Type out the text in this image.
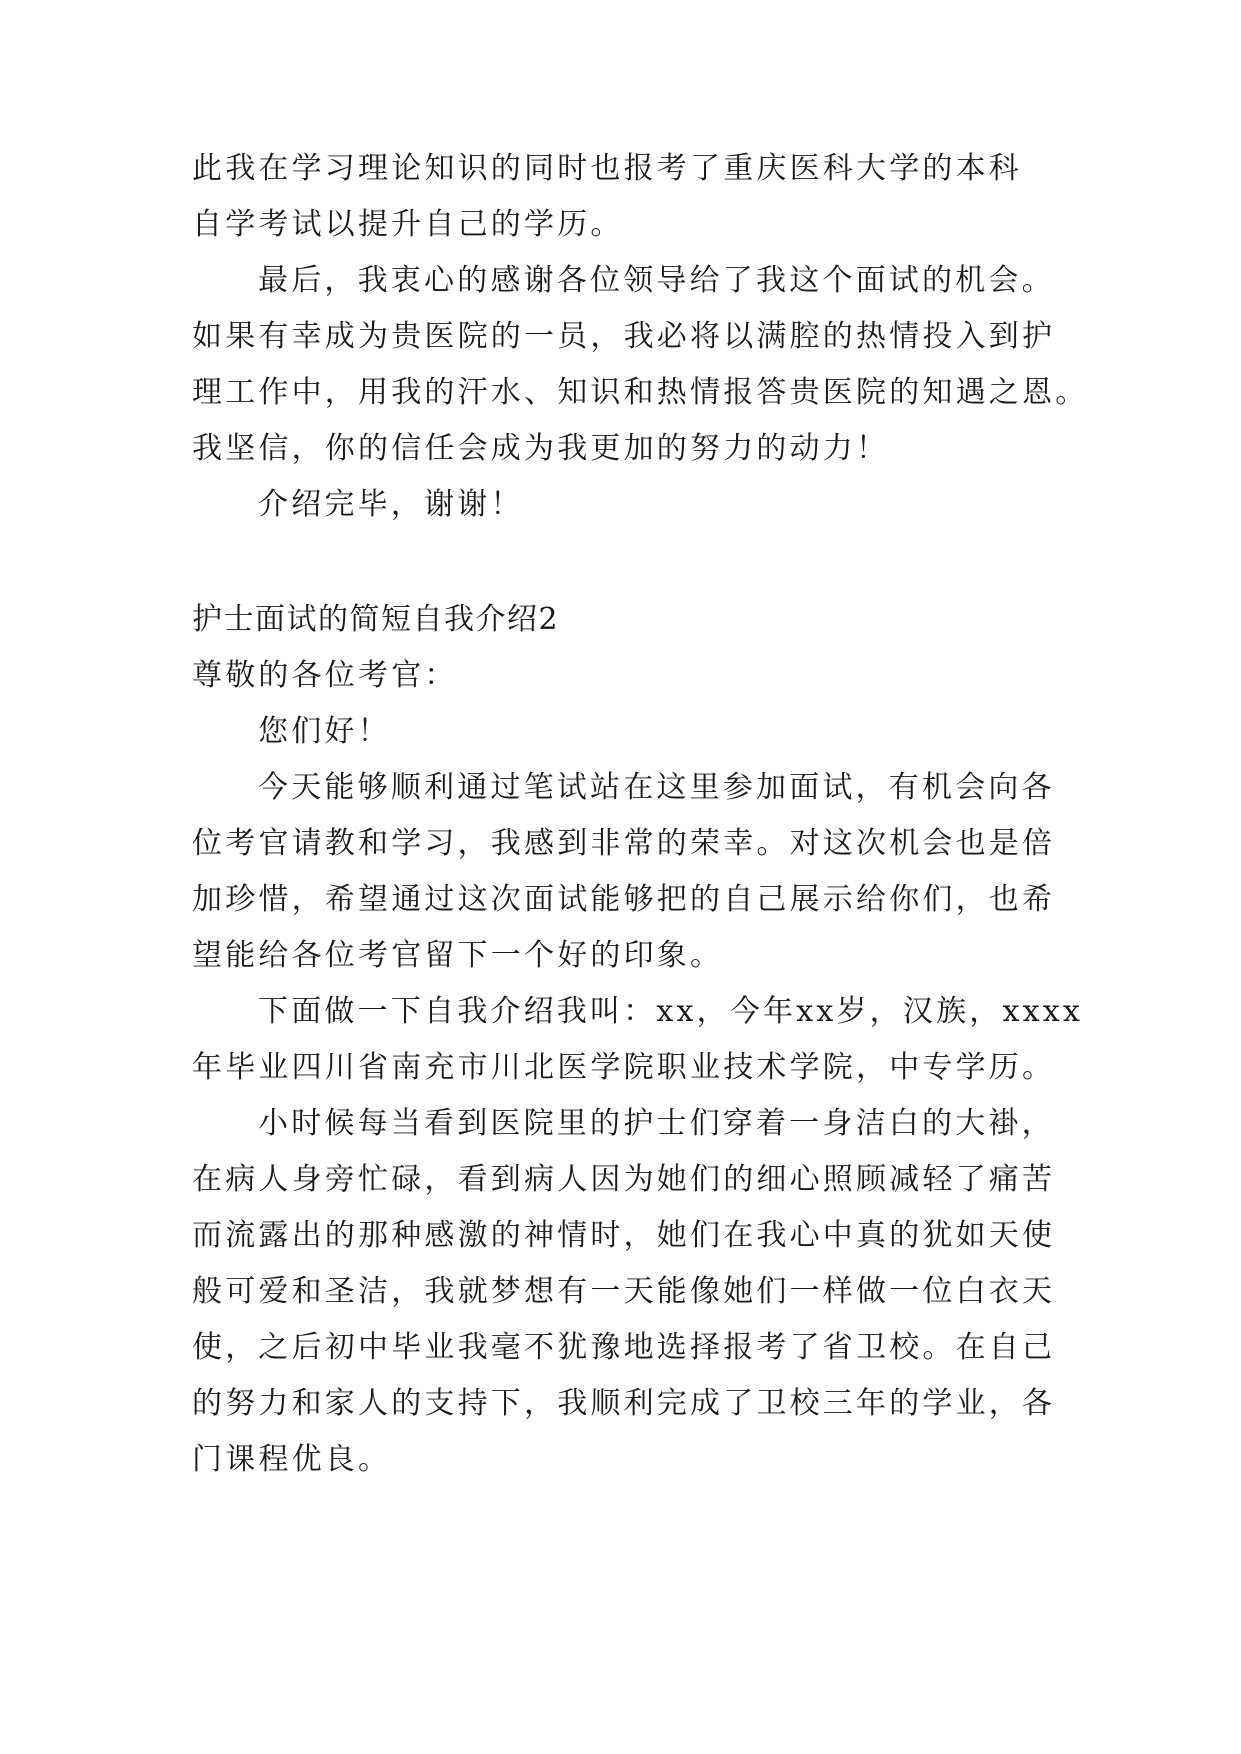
此我在学习理论知识的同时也报考了重庆医科大学的本科
自学考试以提升自己的学历。
最后，我衷心的感谢各位领导给了我这个面试的机会。
如果有幸成为贵医院的一员，我必将以满腔的热情投入到护
理工作中，用我的汗水、知识和热情报答贵医院的知遇之恩。
我坚信，你的信任会成为我更加的努力的动力！
介绍完毕，谢谢！
护士面试的简短自我介绍2
尊敬的各位考官：
您们好！
今天能够顺利通过笔试站在这里参加面试，有机会向各
位考官请教和学习，我感到非常的荣幸。对这次机会也是倍
加珍惜，希望通过这次面试能够把的自己展示给你们，也希
望能给各位考官留下一个好的印象。
下面做一下自我介绍我叫：xx，今年xx岁，汉族，xxxx
年毕业四川省南充市川北医学院职业技术学院，中专学历。
小时候每当看到医院里的护士们穿着一身洁白的大褂，
在病人身旁忙碌，看到病人因为她们的细心照顾减轻了痛苦
而流露出的那种感激的神情时，她们在我心中真的犹如天使
般可爱和圣洁，我就梦想有一天能像她们一样做一位白衣天
使，之后初中毕业我毫不犹豫地选择报考了省卫校。在自己
的努力和家人的支持下，我顺利完成了卫校三年的学业，各
门课程优良。
